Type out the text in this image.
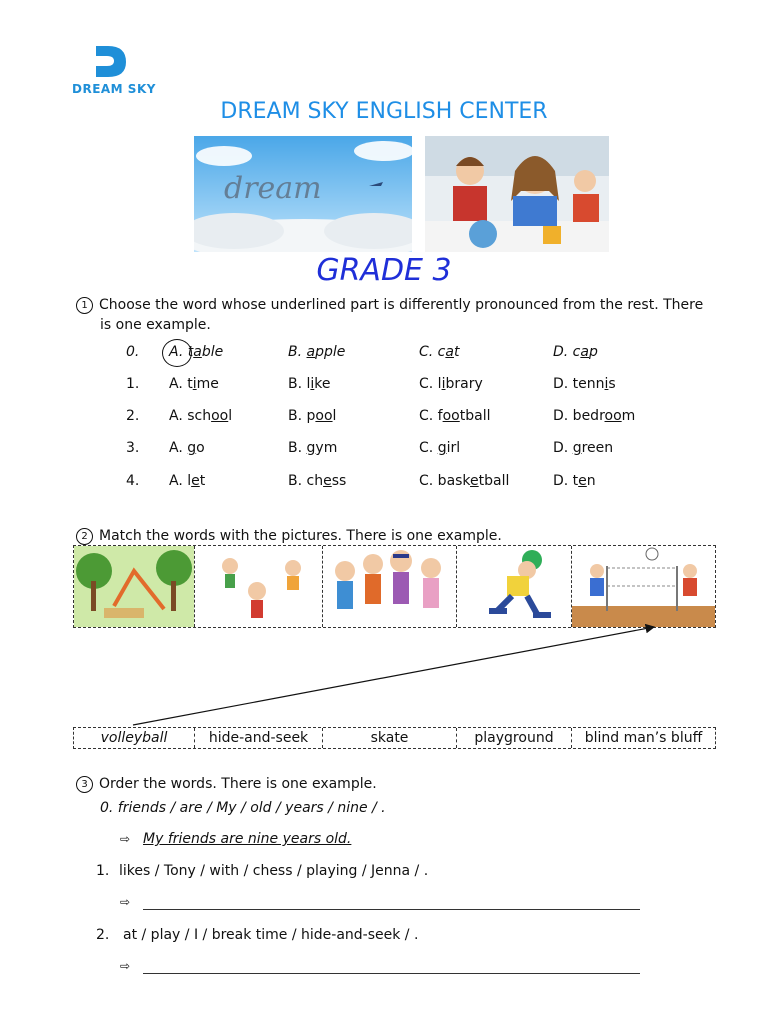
DREAM SKY
DREAM SKY ENGLISH CENTER
dream
GRADE 3
1 Choose the word whose underlined part is differently pronounced from the rest. There
is one example.
0. A. table	B. apple	C. cat	D. cap
1. A. time	B. like	C. library	D. tennis
2. A. school	B. pool	C. football	D. bedroom
3. A. go	B. gym	C. girl	D. green
4. A. let	B. chess	C. basketball	D. ten
2 Match the words with the pictures. There is one example.
volleyball	hide-and-seek	skate	playground	blind man’s bluff
3 Order the words. There is one example.
0. friends / are / My / old / years / nine / .
⇨ My friends are nine years old.
1. likes / Tony / with / chess / playing / Jenna / .
⇨
2. at / play / I / break time / hide-and-seek / .
⇨
